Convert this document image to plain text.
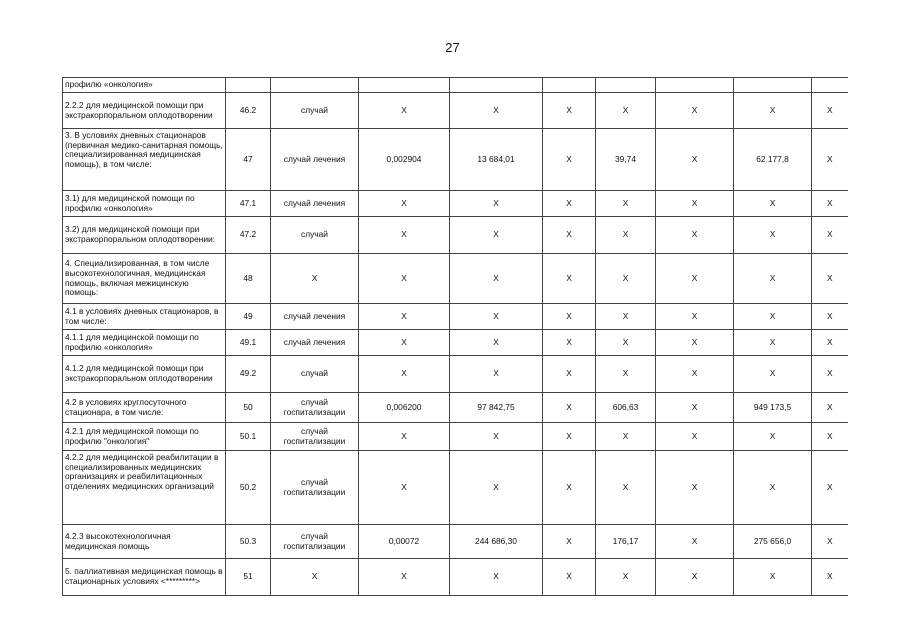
27
профилю «онкология»									
2.2.2 для медицинской помощи при экстракорпоральном оплодотворении	46.2	случай	Х	Х	Х	Х	Х	Х	Х
3. В условиях дневных стационаров (первичная медико-санитарная помощь, специализированная медицинская помощь), в том числе:	47	случай лечения	0,002904	13 684,01	Х	39,74	Х	62 177,8	Х
3.1) для медицинской помощи по профилю «онкология»	47.1	случай лечения	Х	Х	Х	Х	Х	Х	Х
3.2) для медицинской помощи при экстракорпоральном оплодотворении:	47.2	случай	Х	Х	Х	Х	Х	Х	Х
4. Специализированная, в том числе высокотехнологичная, медицинская помощь, включая межицинскую помощь:	48	Х	Х	Х	Х	Х	Х	Х	Х
4.1 в условиях дневных стационаров, в том числе:	49	случай лечения	Х	Х	Х	Х	Х	Х	Х
4.1.1 для медицинской помощи по профилю «онкология»	49.1	случай лечения	Х	Х	Х	Х	Х	Х	Х
4.1.2 для медицинской помощи при экстракорпоральном оплодотворении	49.2	случай	Х	Х	Х	Х	Х	Х	Х
4.2 в условиях круглосуточного стационара, в том числе:	50	случай госпитализации	0,006200	97 842,75	Х	606,63	Х	949 173,5	Х
4.2.1 для медицинской помощи по профилю "онкология"	50.1	случай госпитализации	Х	Х	Х	Х	Х	Х	Х
4.2.2 для медицинской реабилитации в специализированных медицинских организациях и реабилитационных отделениях медицинских организаций	50.2	случай госпитализации	Х	Х	Х	Х	Х	Х	Х
4.2.3 высокотехнологичная медицинская помощь	50.3	случай госпитализации	0,00072	244 686,30	Х	176,17	Х	275 656,0	Х
5. паллиативная медицинская помощь в стационарных условиях <*********>	51	Х	Х	Х	Х	Х	Х	Х	Х
